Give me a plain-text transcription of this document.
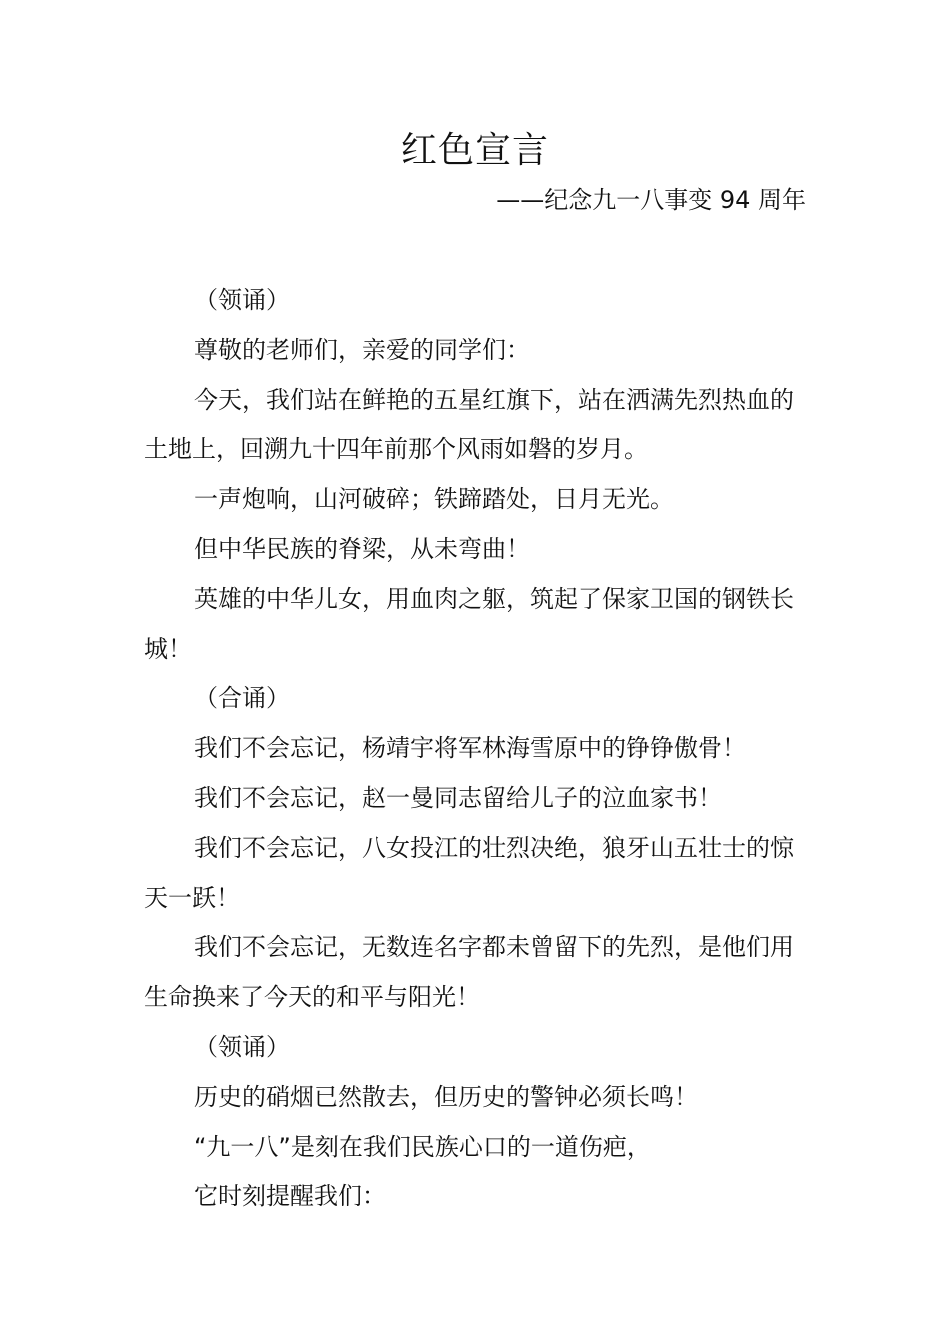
红色宣言
——纪念九一八事变 94 周年

（领诵）

尊敬的老师们，亲爱的同学们：

今天，我们站在鲜艳的五星红旗下，站在洒满先烈热血的土地上，回溯九十四年前那个风雨如磐的岁月。

一声炮响，山河破碎；铁蹄踏处，日月无光。

但中华民族的脊梁，从未弯曲！

英雄的中华儿女，用血肉之躯，筑起了保家卫国的钢铁长城！

（合诵）

我们不会忘记，杨靖宇将军林海雪原中的铮铮傲骨！

我们不会忘记，赵一曼同志留给儿子的泣血家书！

我们不会忘记，八女投江的壮烈决绝，狼牙山五壮士的惊天一跃！

我们不会忘记，无数连名字都未曾留下的先烈，是他们用生命换来了今天的和平与阳光！

（领诵）

历史的硝烟已然散去，但历史的警钟必须长鸣！

“九一八”是刻在我们民族心口的一道伤疤，

它时刻提醒我们：
